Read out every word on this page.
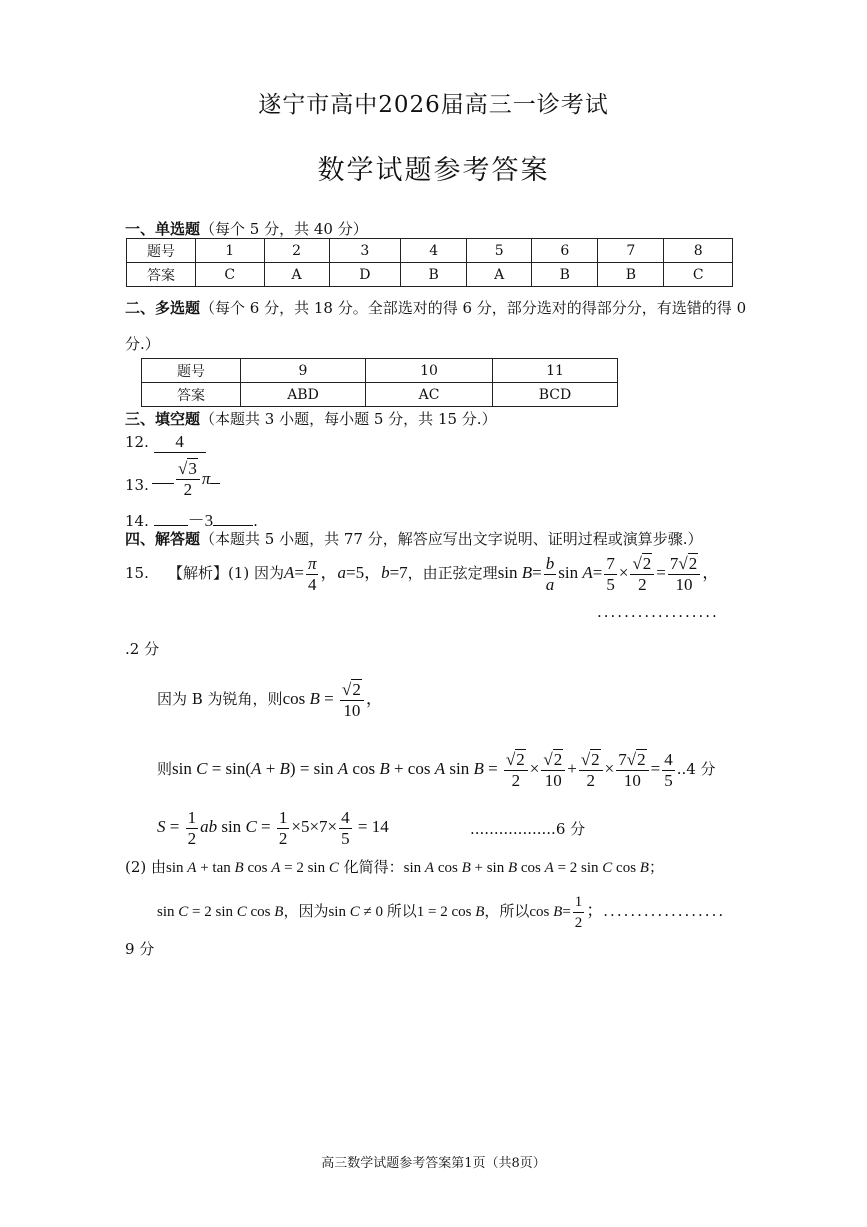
遂宁市高中2026届高三一诊考试
数学试题参考答案
一、单选题（每个 5 分，共 40 分）
题号	1	2	3	4	5	6	7	8
答案	C	A	D	B	A	B	B	C
二、多选题（每个 6 分，共 18 分。全部选对的得 6 分，部分选对的得部分分，有选错的得 0
分.）
题号	9	10	11
答案	ABD	AC	BCD
三、填空题（本题共 3 小题，每小题 5 分，共 15 分.）
12. 4
13. $\frac{√3}{2}$ π
14. －3	.
四、解答题（本题共 5 小题，共 77 分，解答应写出文字说明、证明过程或演算步骤.）
15. 【解析】(1) 因为$A= \frac{\pi}{4}$ ，a=5，b=7，由正弦定理$\sin B= \frac{b}{a}$ $\sin A= \frac{7}{5} \times \frac{√2}{2} = \frac{7√2}{10}$ ，
..................
.2 分
因为 B 为锐角，则$\cos B = \frac{√2}{10}$ ，
则sin C = sin(A + B) = sin A cos B + cos A $\sin B = \frac{√2}{2} \times \frac{√2}{10} + \frac{√2}{2} \times \frac{7√2}{10} = \frac{4}{5} ..4$ 分
$S = \frac{1}{2}$ ab $\sin C = \frac{1}{2} \times 5\times 7\times \frac{4}{5} = 14$	..................6 分
(2) 由sin A + tan B cos A = 2 sin C 化简得：sin A cos B + sin B cos A = 2 sin C cos B；
sin C = 2 sin C cos B，因为sin C ≠ 0 所以1 = 2 cos B，所以$\cos B= \frac{1}{2}$ ；..................
9 分
高三数学试题参考答案第1页（共8页）
